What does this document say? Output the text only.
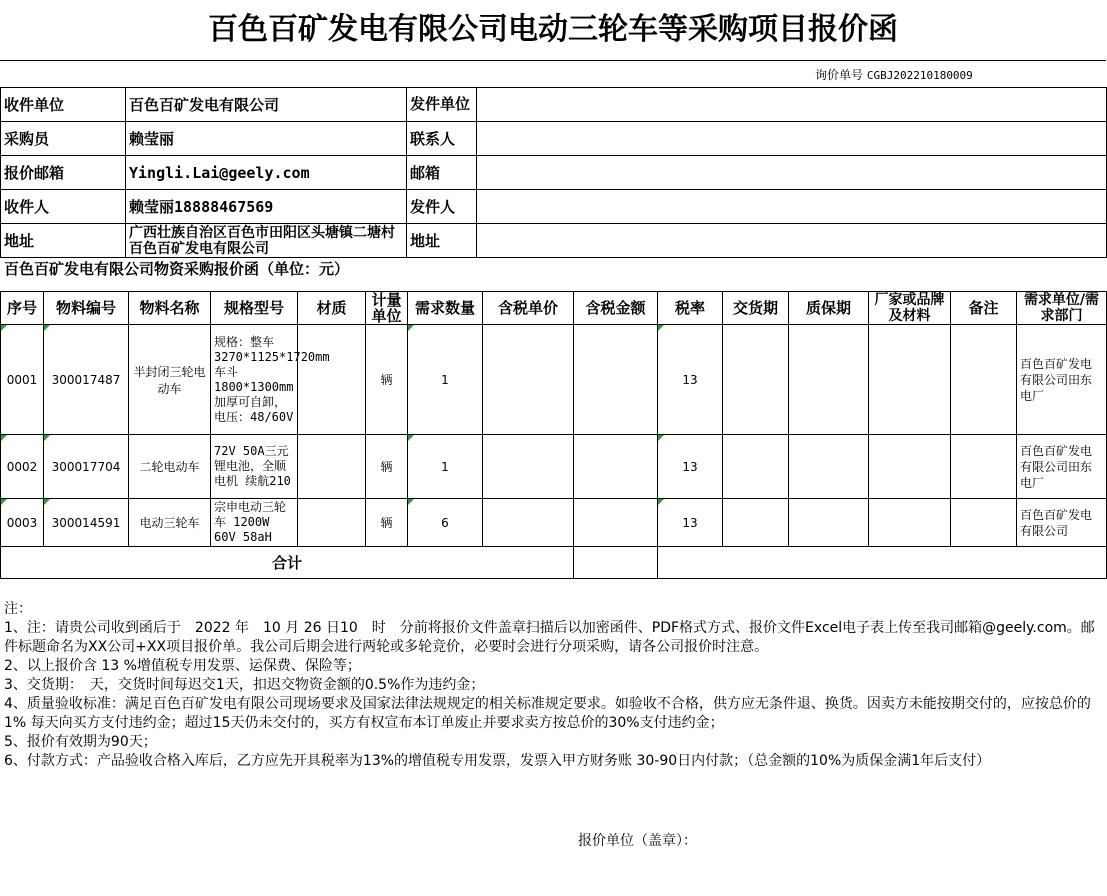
百色百矿发电有限公司电动三轮车等采购项目报价函
询价单号 CGBJ202210180009
收件单位	百色百矿发电有限公司	发件单位	
采购员	赖莹丽	联系人	
报价邮箱	Yingli.Lai@geely.com	邮箱	
收件人	赖莹丽18888467569	发件人	
地址	广西壮族自治区百色市田阳区头塘镇二塘村百色百矿发电有限公司	地址	
百色百矿发电有限公司物资采购报价函（单位：元）
序号	物料编号	物料名称	规格型号	材质	计量单位	需求数量	含税单价	含税金额	税率	交货期	质保期	厂家或品牌及材料	备注	需求单位/需求部门
0001	300017487	半封闭三轮电动车	规格：整车3270*1125*1720mm车斗1800*1300mm加厚可自卸，电压：48/60V		辆	1			13					百色百矿发电有限公司田东电厂
0002	300017704	二轮电动车	72V 50A三元锂电池，全顺电机 续航210		辆	1			13					百色百矿发电有限公司田东电厂
0003	300014591	电动三轮车	宗申电动三轮车 1200W 60V 58aH		辆	6			13					百色百矿发电有限公司
合计														
注：
1、注：请贵公司收到函后于　2022 年　10 月 26 日10　时　分前将报价文件盖章扫描后以加密函件、PDF格式方式、报价文件Excel电子表上传至我司邮箱@geely.com。邮件标题命名为XX公司+XX项目报价单。我公司后期会进行两轮或多轮竞价，必要时会进行分项采购，请各公司报价时注意。
2、以上报价含 13 %增值税专用发票、运保费、保险等；
3、交货期：　天，交货时间每迟交1天，扣迟交物资金额的0.5%作为违约金；
4、质量验收标准：满足百色百矿发电有限公司现场要求及国家法律法规规定的相关标准规定要求。如验收不合格，供方应无条件退、换货。因卖方未能按期交付的，应按总价的1% 每天向买方支付违约金；超过15天仍未交付的，买方有权宣布本订单废止并要求卖方按总价的30%支付违约金；
5、报价有效期为90天；
6、付款方式：产品验收合格入库后，乙方应先开具税率为13%的增值税专用发票，发票入甲方财务账 30-90日内付款；（总金额的10%为质保金满1年后支付）
报价单位（盖章）：
